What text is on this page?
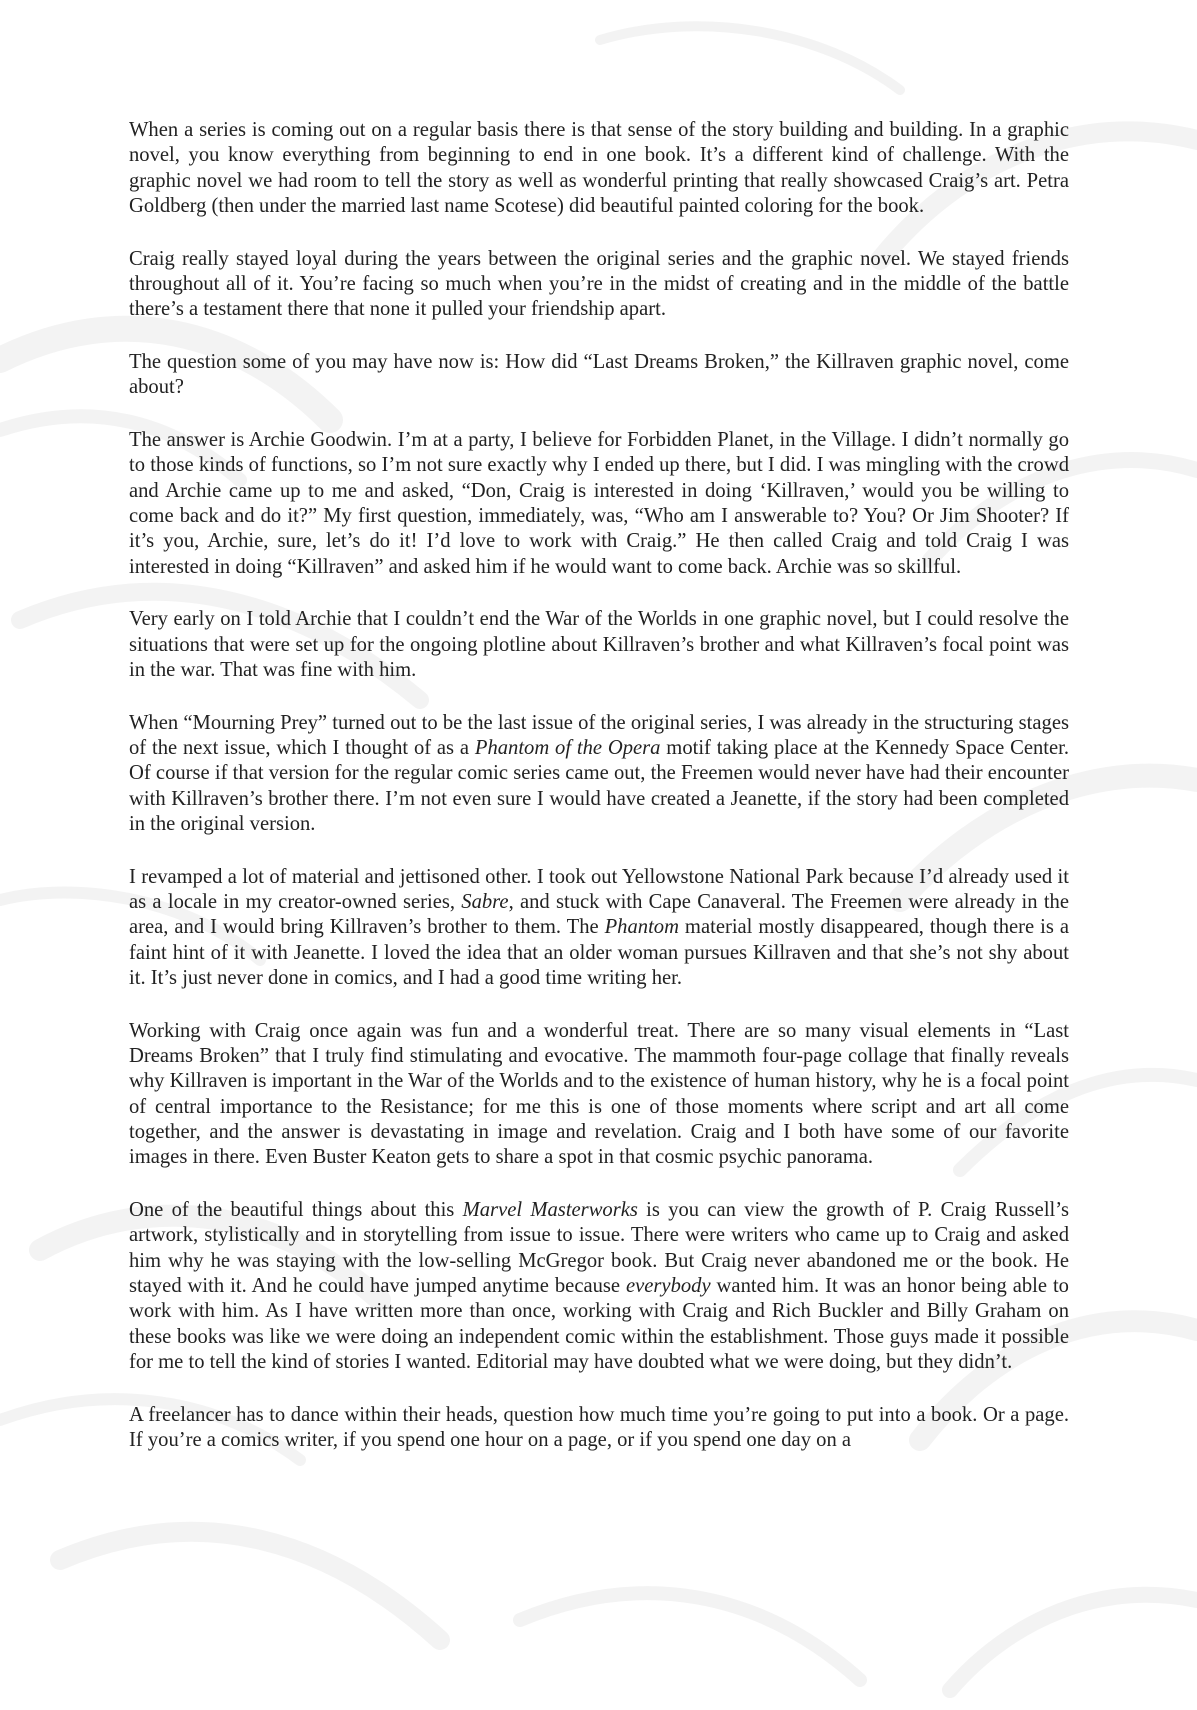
When a series is coming out on a regular basis there is that sense of the story building and building. In a graphic novel, you know everything from beginning to end in one book. It’s a different kind of challenge. With the graphic novel we had room to tell the story as well as wonderful printing that really showcased Craig’s art. Petra Goldberg (then under the married last name Scotese) did beautiful painted coloring for the book.

Craig really stayed loyal during the years between the original series and the graphic novel. We stayed friends throughout all of it. You’re facing so much when you’re in the midst of creating and in the middle of the battle there’s a testament there that none it pulled your friendship apart.

The question some of you may have now is: How did “Last Dreams Broken,” the Killraven graphic novel, come about?

The answer is Archie Goodwin. I’m at a party, I believe for Forbidden Planet, in the Village. I didn’t normally go to those kinds of functions, so I’m not sure exactly why I ended up there, but I did. I was mingling with the crowd and Archie came up to me and asked, “Don, Craig is interested in doing ‘Killraven,’ would you be willing to come back and do it?” My first question, immediately, was, “Who am I answerable to? You? Or Jim Shooter? If it’s you, Archie, sure, let’s do it! I’d love to work with Craig.” He then called Craig and told Craig I was interested in doing “Killraven” and asked him if he would want to come back. Archie was so skillful.

Very early on I told Archie that I couldn’t end the War of the Worlds in one graphic novel, but I could resolve the situations that were set up for the ongoing plotline about Killraven’s brother and what Killraven’s focal point was in the war. That was fine with him.

When “Mourning Prey” turned out to be the last issue of the original series, I was already in the structuring stages of the next issue, which I thought of as a Phantom of the Opera motif taking place at the Kennedy Space Center. Of course if that version for the regular comic series came out, the Freemen would never have had their encounter with Killraven’s brother there. I’m not even sure I would have created a Jeanette, if the story had been completed in the original version.

I revamped a lot of material and jettisoned other. I took out Yellowstone National Park because I’d already used it as a locale in my creator-owned series, Sabre, and stuck with Cape Canaveral. The Freemen were already in the area, and I would bring Killraven’s brother to them. The Phantom material mostly disappeared, though there is a faint hint of it with Jeanette. I loved the idea that an older woman pursues Killraven and that she’s not shy about it. It’s just never done in comics, and I had a good time writing her.

Working with Craig once again was fun and a wonderful treat. There are so many visual elements in “Last Dreams Broken” that I truly find stimulating and evocative. The mammoth four-page collage that finally reveals why Killraven is important in the War of the Worlds and to the existence of human history, why he is a focal point of central importance to the Resistance; for me this is one of those moments where script and art all come together, and the answer is devastating in image and revelation. Craig and I both have some of our favorite images in there. Even Buster Keaton gets to share a spot in that cosmic psychic panorama.

One of the beautiful things about this Marvel Masterworks is you can view the growth of P. Craig Russell’s artwork, stylistically and in storytelling from issue to issue. There were writers who came up to Craig and asked him why he was staying with the low-selling McGregor book. But Craig never abandoned me or the book. He stayed with it. And he could have jumped anytime because everybody wanted him. It was an honor being able to work with him. As I have written more than once, working with Craig and Rich Buckler and Billy Graham on these books was like we were doing an independent comic within the establishment. Those guys made it possible for me to tell the kind of stories I wanted. Editorial may have doubted what we were doing, but they didn’t.

A freelancer has to dance within their heads, question how much time you’re going to put into a book. Or a page. If you’re a comics writer, if you spend one hour on a page, or if you spend one day on a
